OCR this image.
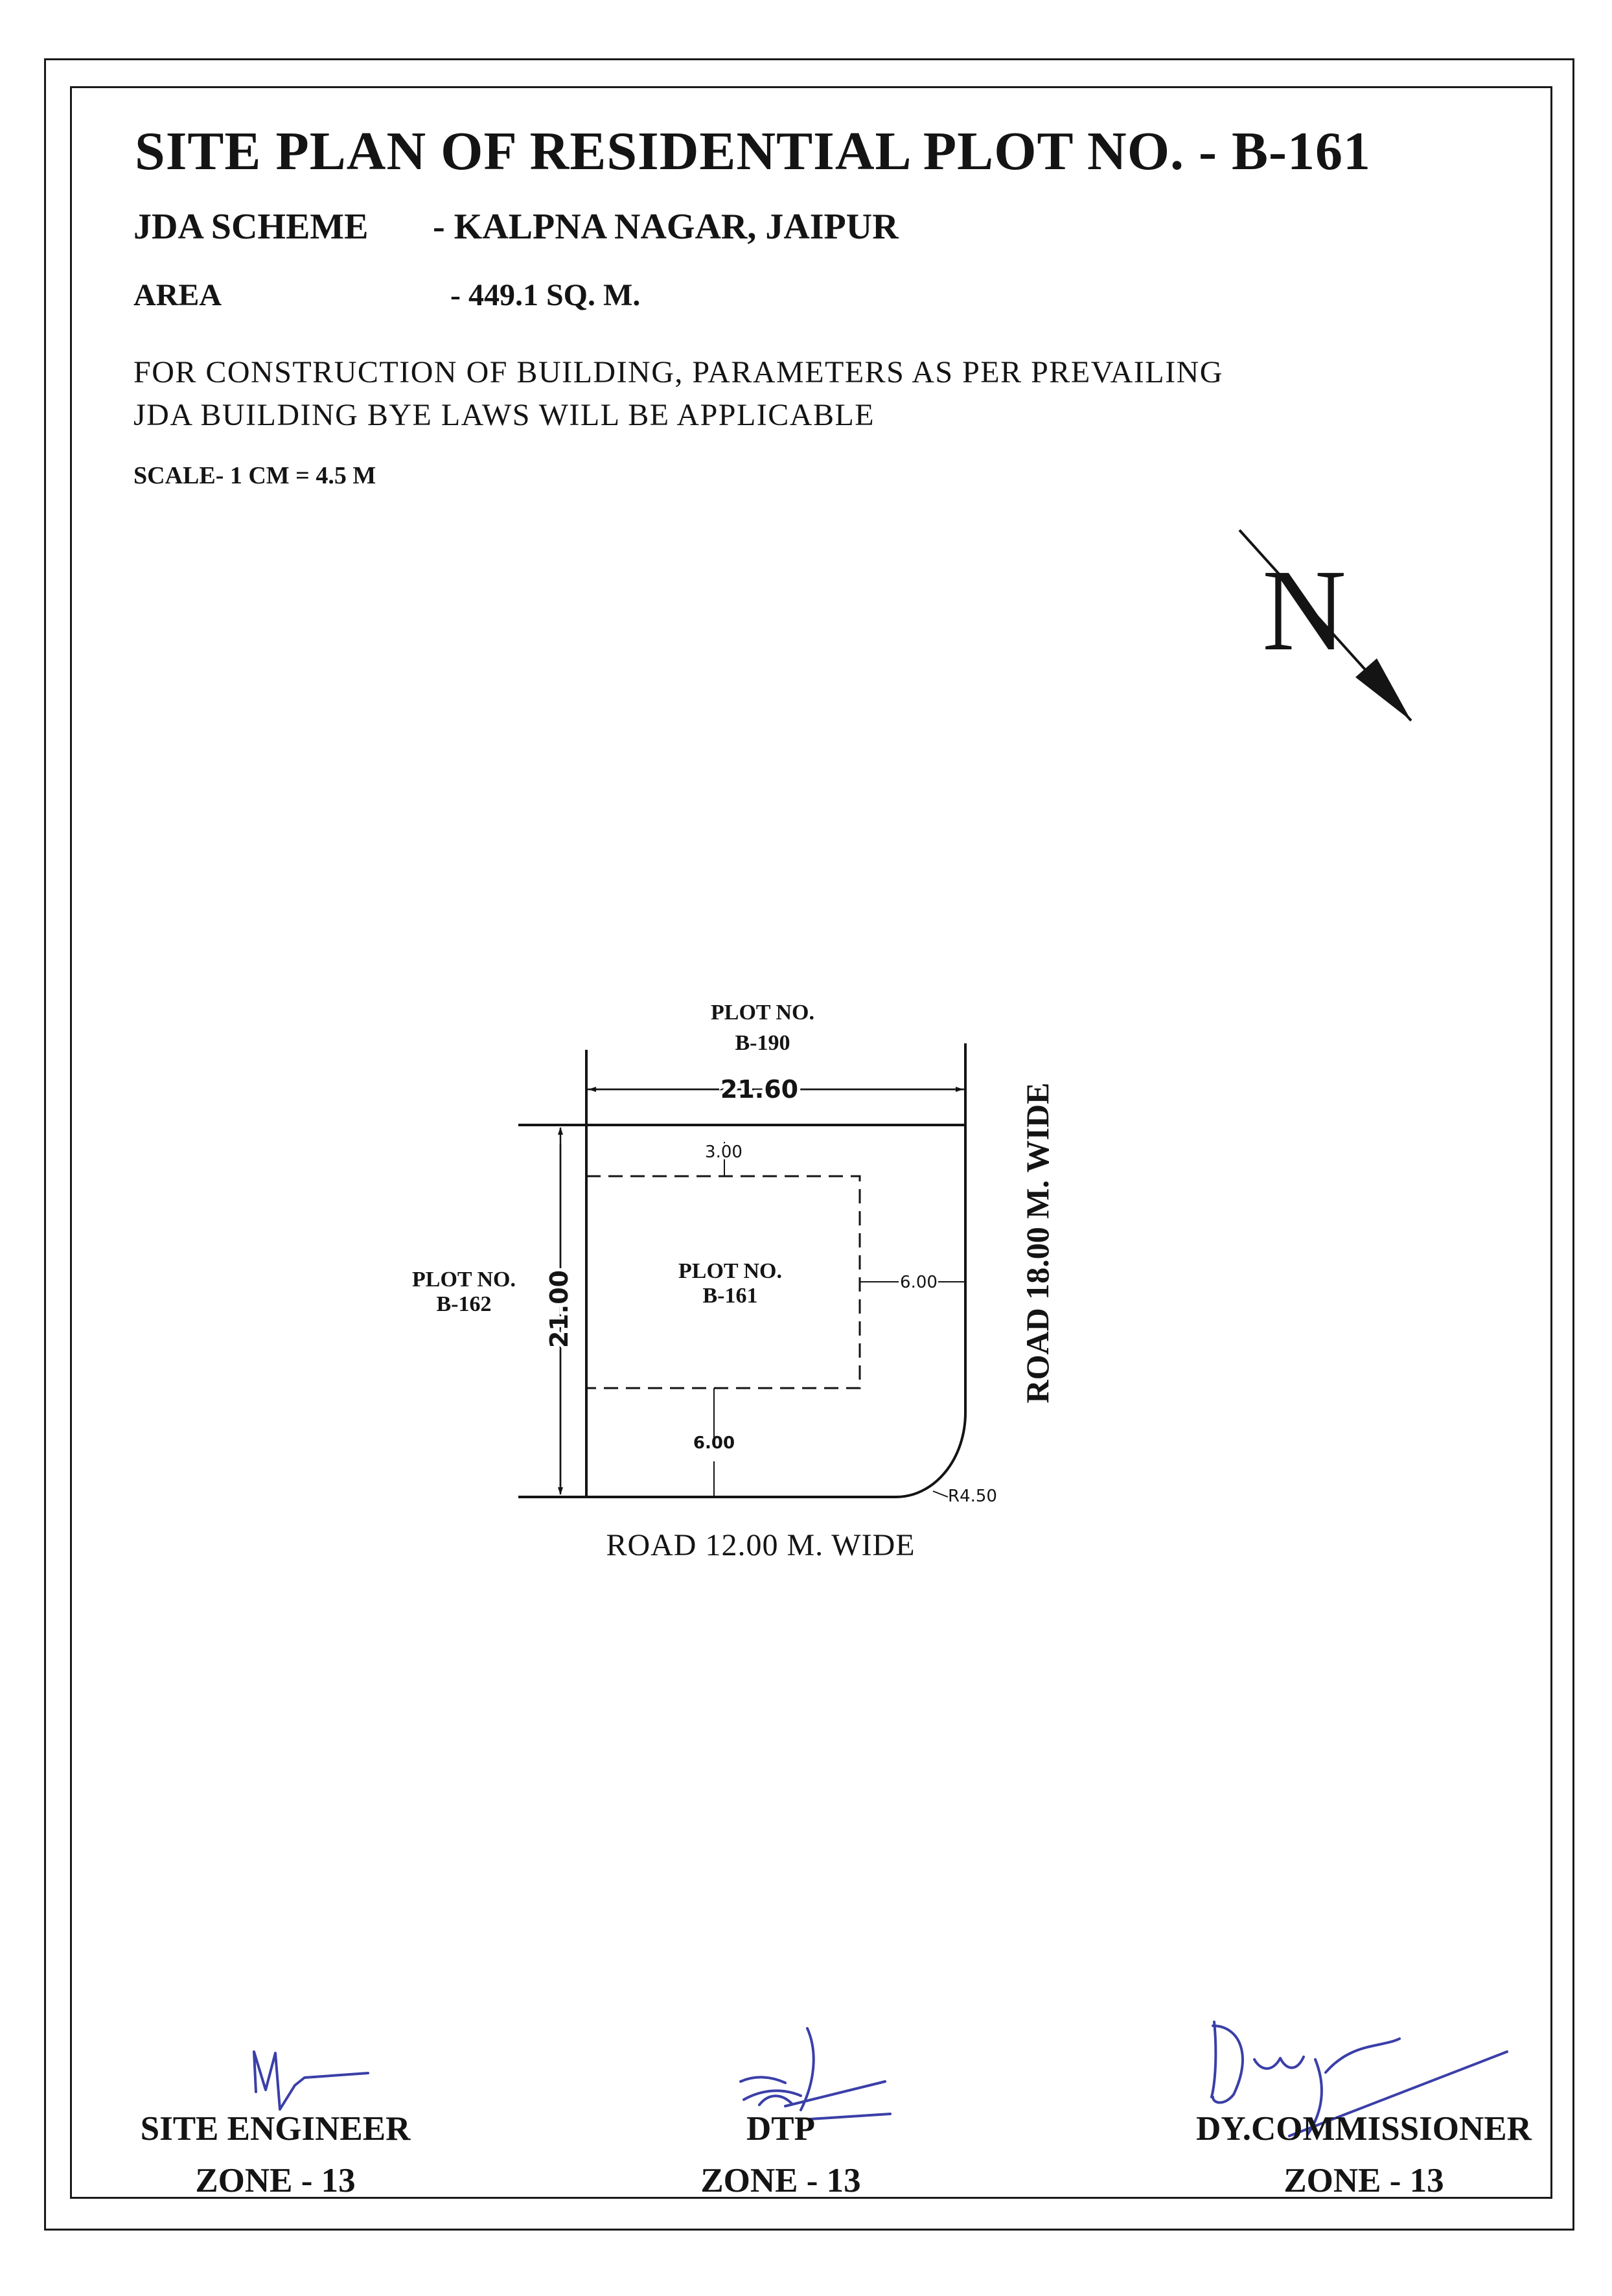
SITE PLAN OF RESIDENTIAL PLOT NO. - B-161
JDA SCHEME - KALPNA NAGAR, JAIPUR
AREA	- 449.1 SQ. M.
FOR CONSTRUCTION OF BUILDING, PARAMETERS AS PER PREVAILING
JDA BUILDING BYE LAWS WILL BE APPLICABLE
SCALE- 1 CM = 4.5 M
N
PLOT NO.
B-190
PLOT NO.
B-162
PLOT NO.
B-161
21.60
21.00
3.00
6.00
6.00
R4.50
ROAD 18.00 M. WIDE
ROAD 12.00 M. WIDE
SITE ENGINEER
ZONE - 13
DTP
ZONE - 13
DY.COMMISSIONER
ZONE - 13
